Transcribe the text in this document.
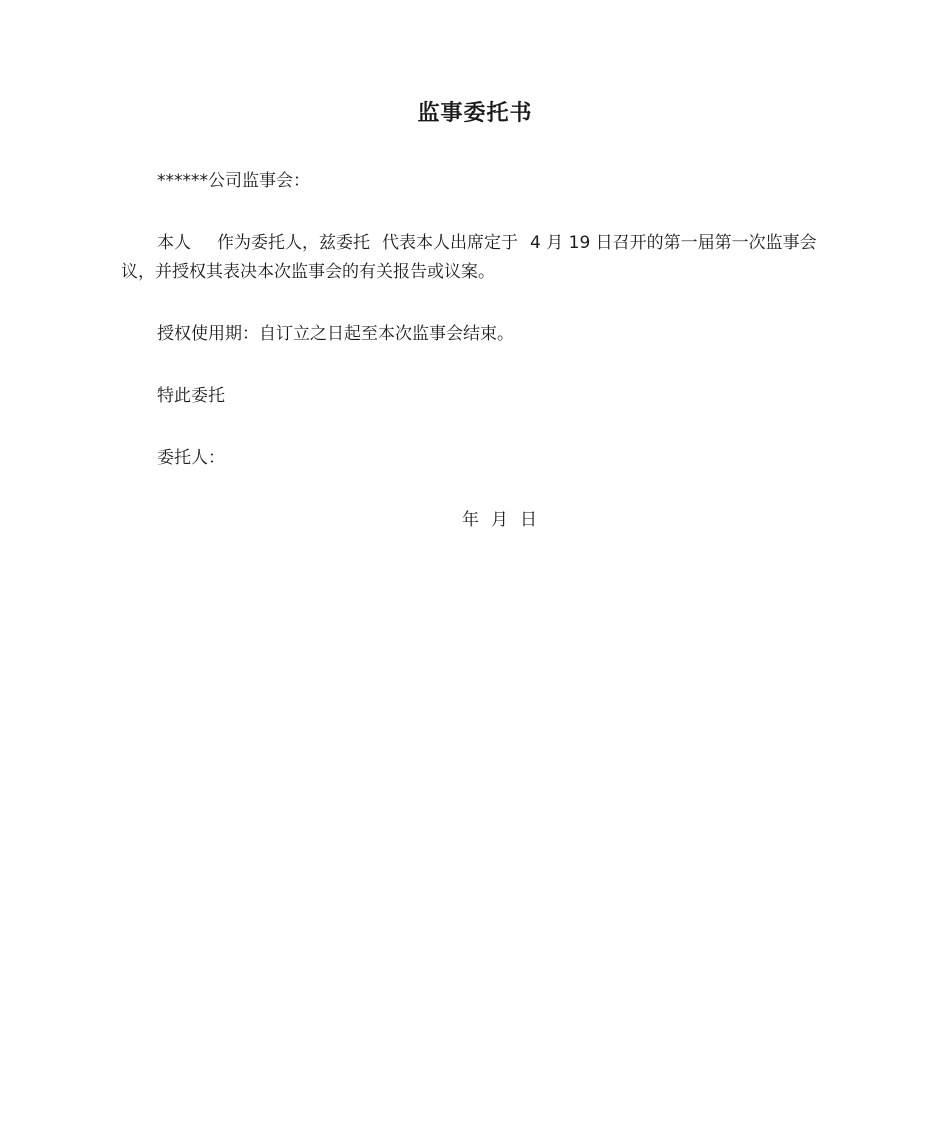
监事委托书
******公司监事会：
本人 作为委托人，兹委托 代表本人出席定于 4 月 19 日召开的第一届第一次监事会议，并授权其表决本次监事会的有关报告或议案。
授权使用期：自订立之日起至本次监事会结束。
特此委托
委托人：
年 月 日
